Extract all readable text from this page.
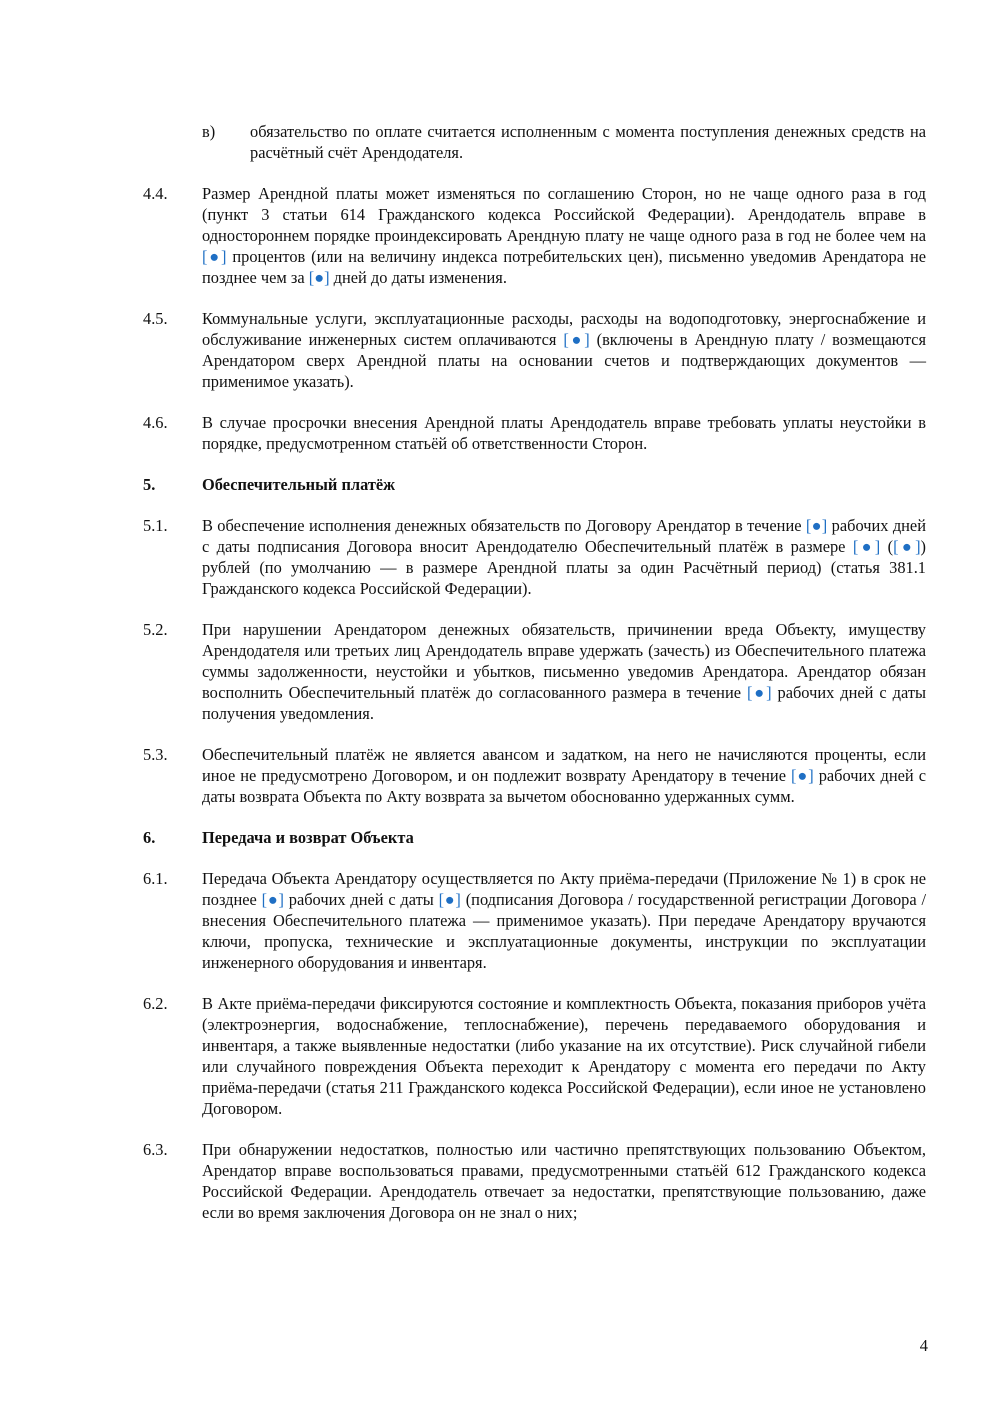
в)	обязательство по оплате считается исполненным с момента поступления денежных средств на расчётный счёт Арендодателя.
4.4.	Размер Арендной платы может изменяться по соглашению Сторон, но не чаще одного раза в год (пункт 3 статьи 614 Гражданского кодекса Российской Федерации). Арендодатель вправе в одностороннем порядке проиндексировать Арендную плату не чаще одного раза в год не более чем на [●] процентов (или на величину индекса потребительских цен), письменно уведомив Арендатора не позднее чем за [●] дней до даты изменения.
4.5.	Коммунальные услуги, эксплуатационные расходы, расходы на водоподготовку, энергоснабжение и обслуживание инженерных систем оплачиваются [●] (включены в Арендную плату / возмещаются Арендатором сверх Арендной платы на основании счетов и подтверждающих документов — применимое указать).
4.6.	В случае просрочки внесения Арендной платы Арендодатель вправе требовать уплаты неустойки в порядке, предусмотренном статьёй об ответственности Сторон.
5.	Обеспечительный платёж
5.1.	В обеспечение исполнения денежных обязательств по Договору Арендатор в течение [●] рабочих дней с даты подписания Договора вносит Арендодателю Обеспечительный платёж в размере [●] ([●]) рублей (по умолчанию — в размере Арендной платы за один Расчётный период) (статья 381.1 Гражданского кодекса Российской Федерации).
5.2.	При нарушении Арендатором денежных обязательств, причинении вреда Объекту, имуществу Арендодателя или третьих лиц Арендодатель вправе удержать (зачесть) из Обеспечительного платежа суммы задолженности, неустойки и убытков, письменно уведомив Арендатора. Арендатор обязан восполнить Обеспечительный платёж до согласованного размера в течение [●] рабочих дней с даты получения уведомления.
5.3.	Обеспечительный платёж не является авансом и задатком, на него не начисляются проценты, если иное не предусмотрено Договором, и он подлежит возврату Арендатору в течение [●] рабочих дней с даты возврата Объекта по Акту возврата за вычетом обоснованно удержанных сумм.
6.	Передача и возврат Объекта
6.1.	Передача Объекта Арендатору осуществляется по Акту приёма-передачи (Приложение № 1) в срок не позднее [●] рабочих дней с даты [●] (подписания Договора / государственной регистрации Договора / внесения Обеспечительного платежа — применимое указать). При передаче Арендатору вручаются ключи, пропуска, технические и эксплуатационные документы, инструкции по эксплуатации инженерного оборудования и инвентаря.
6.2.	В Акте приёма-передачи фиксируются состояние и комплектность Объекта, показания приборов учёта (электроэнергия, водоснабжение, теплоснабжение), перечень передаваемого оборудования и инвентаря, а также выявленные недостатки (либо указание на их отсутствие). Риск случайной гибели или случайного повреждения Объекта переходит к Арендатору с момента его передачи по Акту приёма-передачи (статья 211 Гражданского кодекса Российской Федерации), если иное не установлено Договором.
6.3.	При обнаружении недостатков, полностью или частично препятствующих пользованию Объектом, Арендатор вправе воспользоваться правами, предусмотренными статьёй 612 Гражданского кодекса Российской Федерации. Арендодатель отвечает за недостатки, препятствующие пользованию, даже если во время заключения Договора он не знал о них;
4
